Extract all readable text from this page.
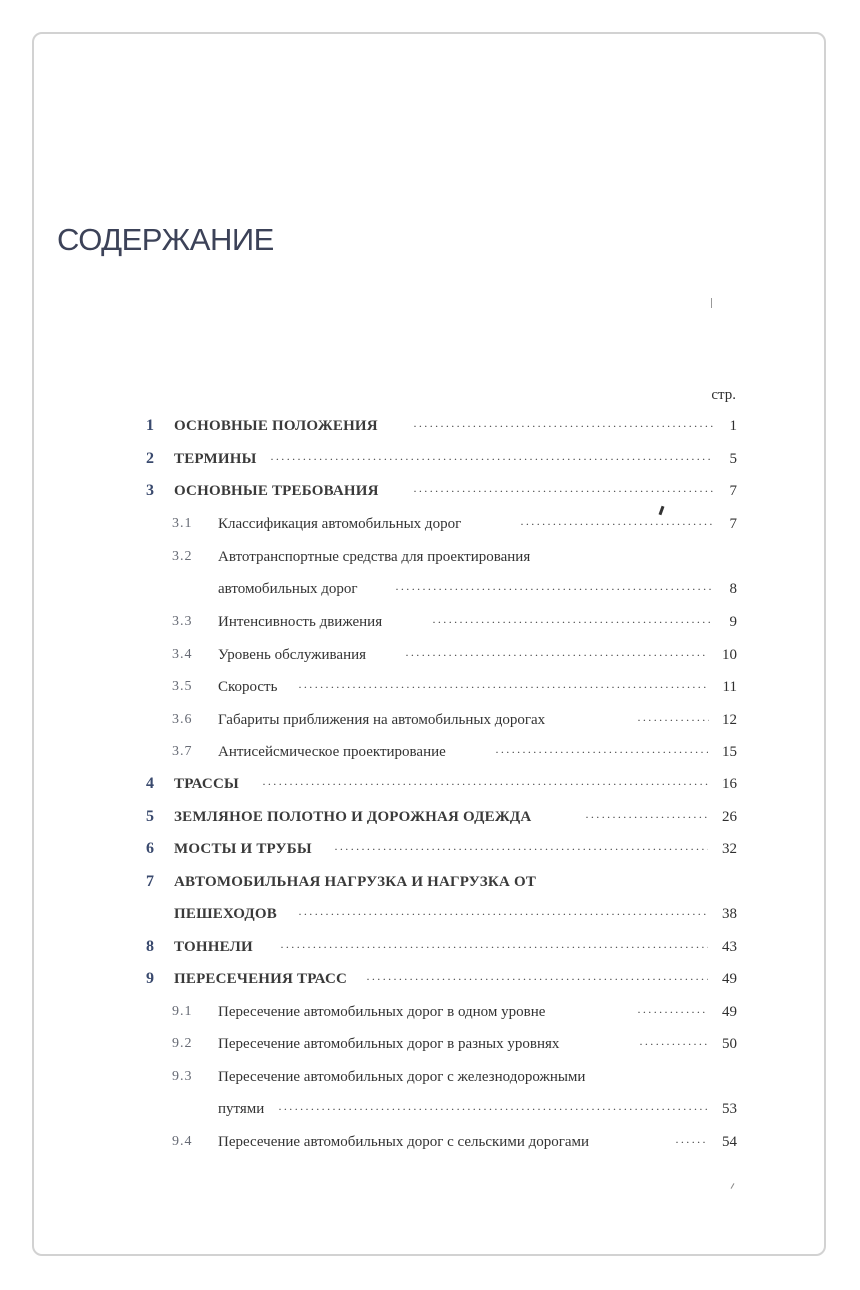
СОДЕРЖАНИЕ
стр.
1	ОСНОВНЫЕ ПОЛОЖЕНИЯ ·····	1
2	ТЕРМИНЫ ·····	5
3	ОСНОВНЫЕ ТРЕБОВАНИЯ ·····	7
3.1	Классификация автомобильных дорог ·····	7
3.2	Автотранспортные средства для проектирования
автомобильных дорог ·····	8
3.3	Интенсивность движения ·····	9
3.4	Уровень обслуживания ·····	10
3.5	Скорость ·····	11
3.6	Габариты приближения на автомобильных дорогах ·····	12
3.7	Антисейсмическое проектирование ·····	15
4	ТРАССЫ ·····	16
5	ЗЕМЛЯНОЕ ПОЛОТНО И ДОРОЖНАЯ ОДЕЖДА ·····	26
6	МОСТЫ И ТРУБЫ ·····	32
7	АВТОМОБИЛЬНАЯ НАГРУЗКА И НАГРУЗКА ОТ
ПЕШЕХОДОВ ·····	38
8	ТОННЕЛИ ·····	43
9	ПЕРЕСЕЧЕНИЯ ТРАСС ·····	49
9.1	Пересечение автомобильных дорог в одном уровне ·····	49
9.2	Пересечение автомобильных дорог в разных уровнях ·····	50
9.3	Пересечение автомобильных дорог с железнодорожными
путями ·····	53
9.4	Пересечение автомобильных дорог с сельскими дорогами ·····	54
